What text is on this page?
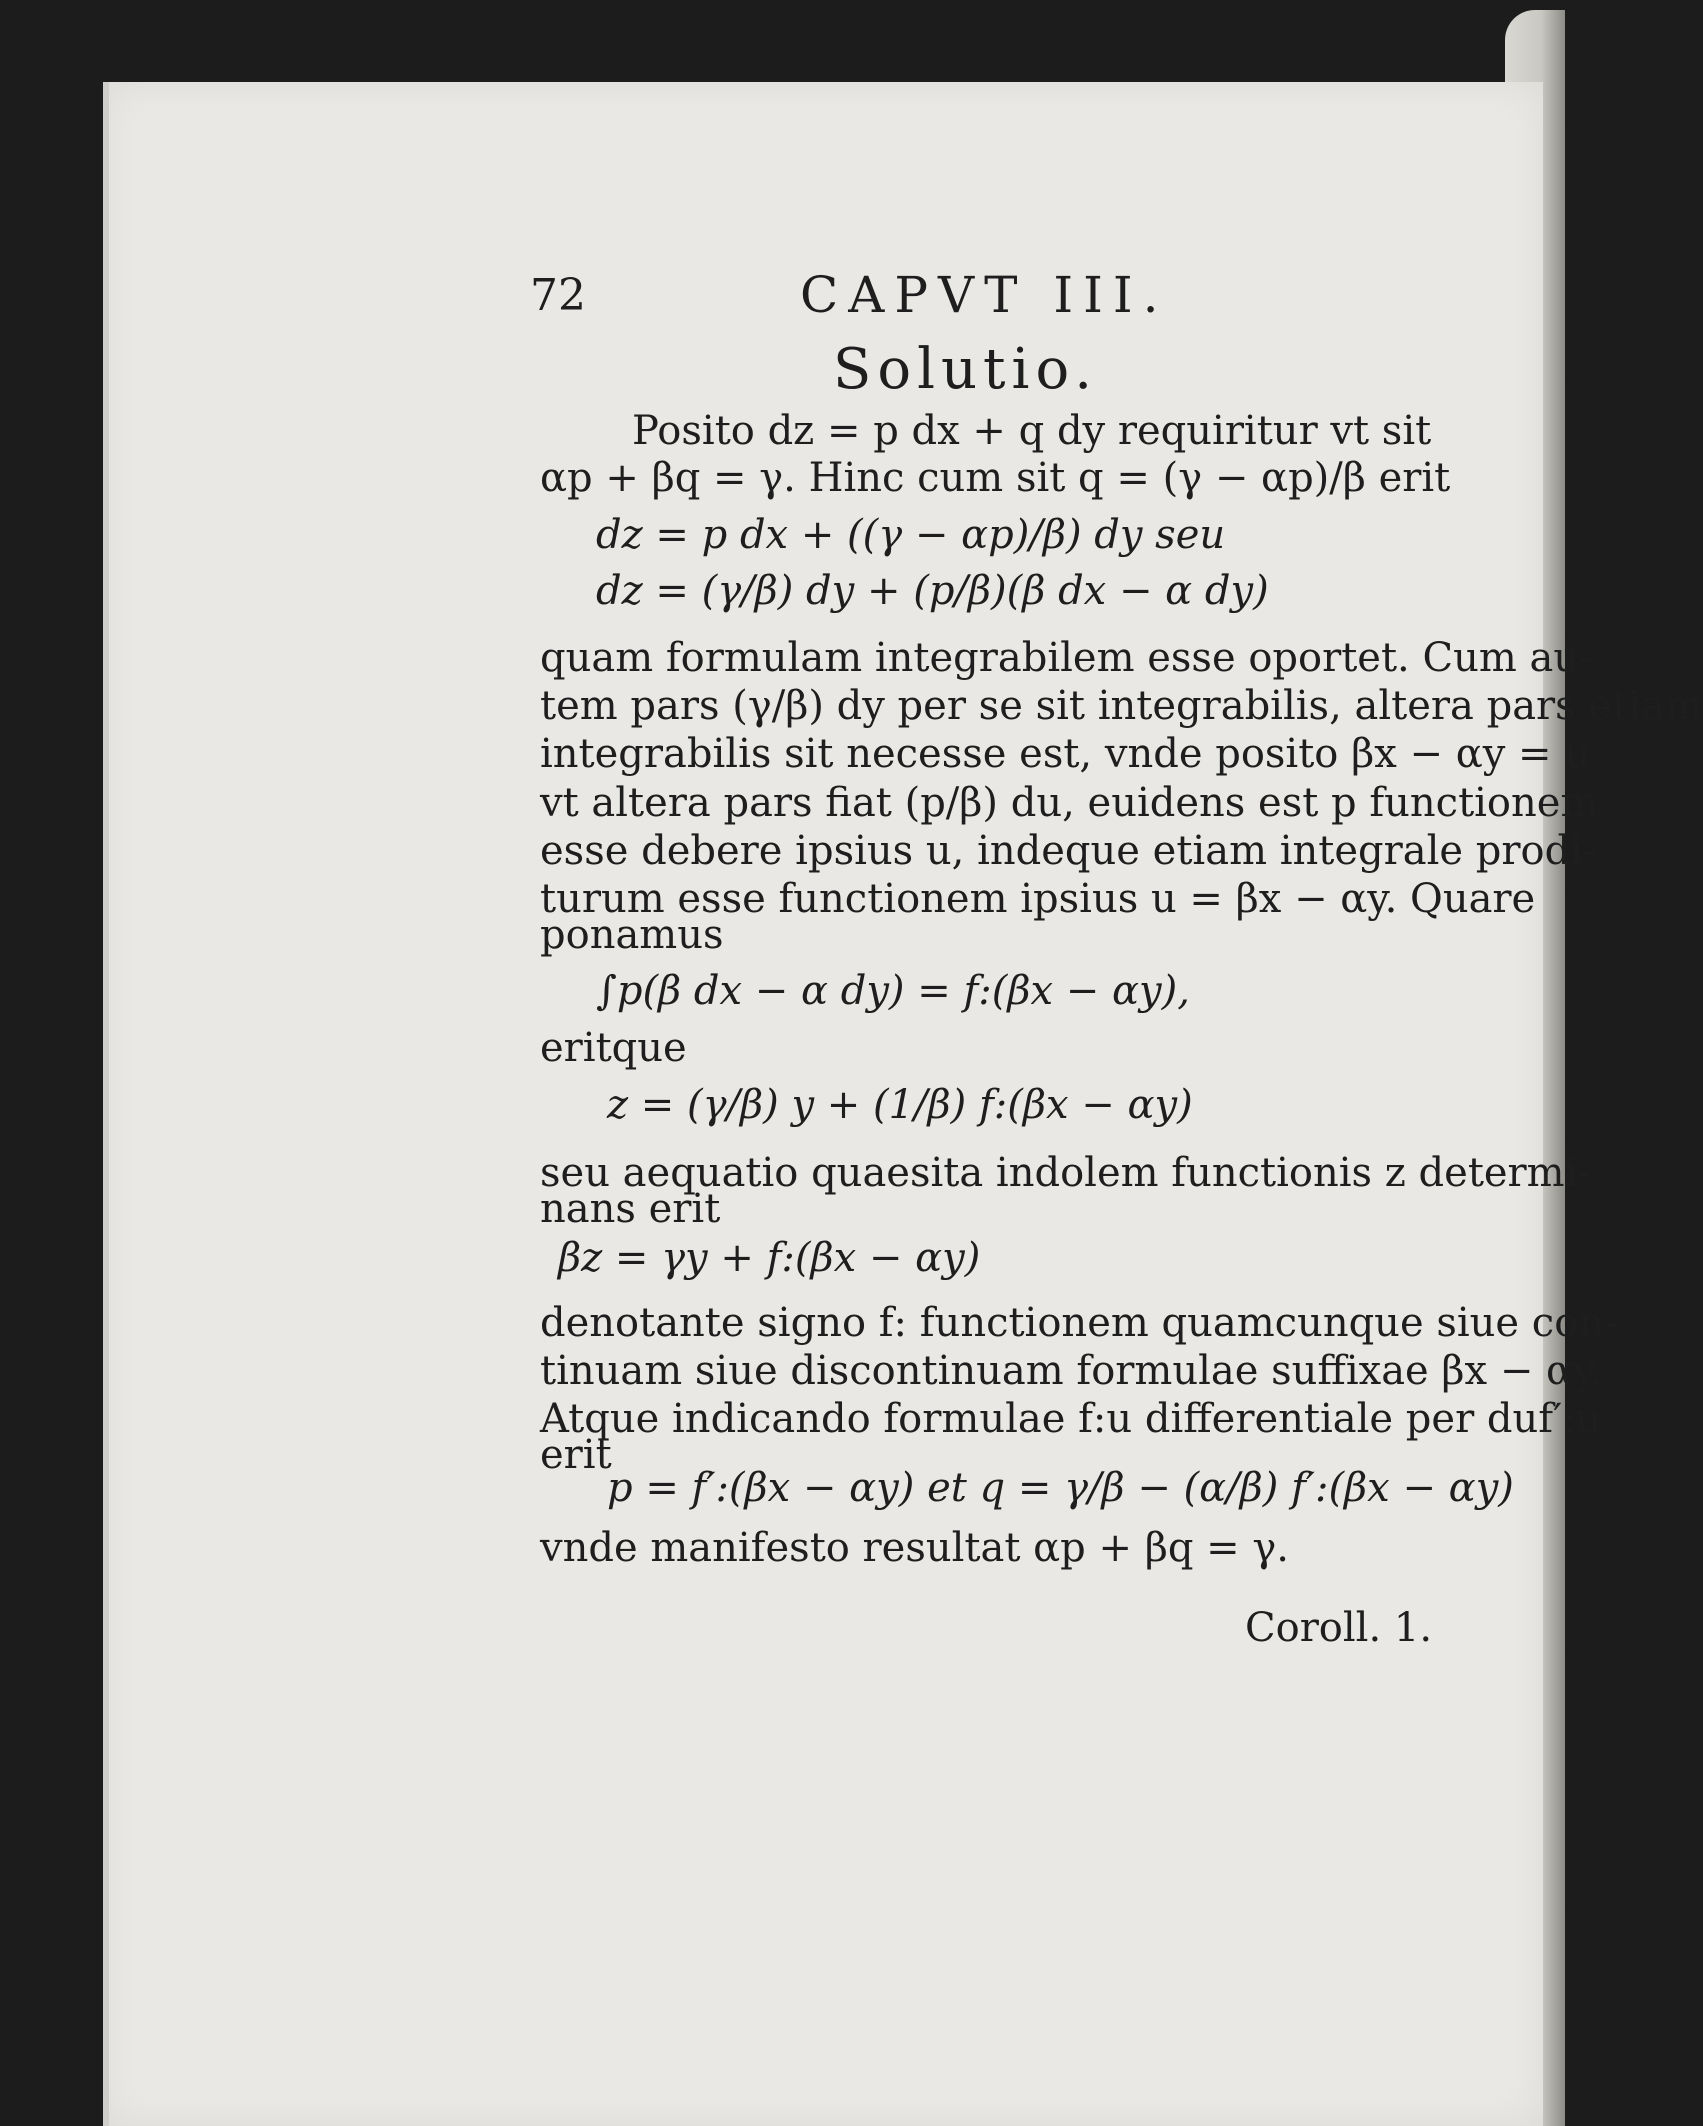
72	CAPVT III.
Solutio.
Posito dz = p dx + q dy requiritur vt sit
αp + βq = γ. Hinc cum sit q = (γ − αp)/β erit
dz = p dx + ((γ − αp)/β) dy seu
dz = (γ/β) dy + (p/β)(β dx − α dy)
quam formulam integrabilem esse oportet. Cum au-
tem pars (γ/β) dy per se sit integrabilis, altera pars etiam
integrabilis sit necesse est, vnde posito βx − αy = u
vt altera pars fiat (p/β) du, euidens est p functionem
esse debere ipsius u, indeque etiam integrale prodi-
turum esse functionem ipsius u = βx − αy. Quare
ponamus
∫p(β dx − α dy) = f:(βx − αy),
eritque
z = (γ/β) y + (1/β) f:(βx − αy)
seu aequatio quaesita indolem functionis z determi-
nans erit
βz = γy + f:(βx − αy)
denotante signo f: functionem quamcunque siue con-
tinuam siue discontinuam formulae suffixae βx − αy.
Atque indicando formulae f:u differentiale per duf′:u
erit
p = f′:(βx − αy) et q = γ/β − (α/β) f′:(βx − αy)
vnde manifesto resultat αp + βq = γ.
Coroll. 1.
